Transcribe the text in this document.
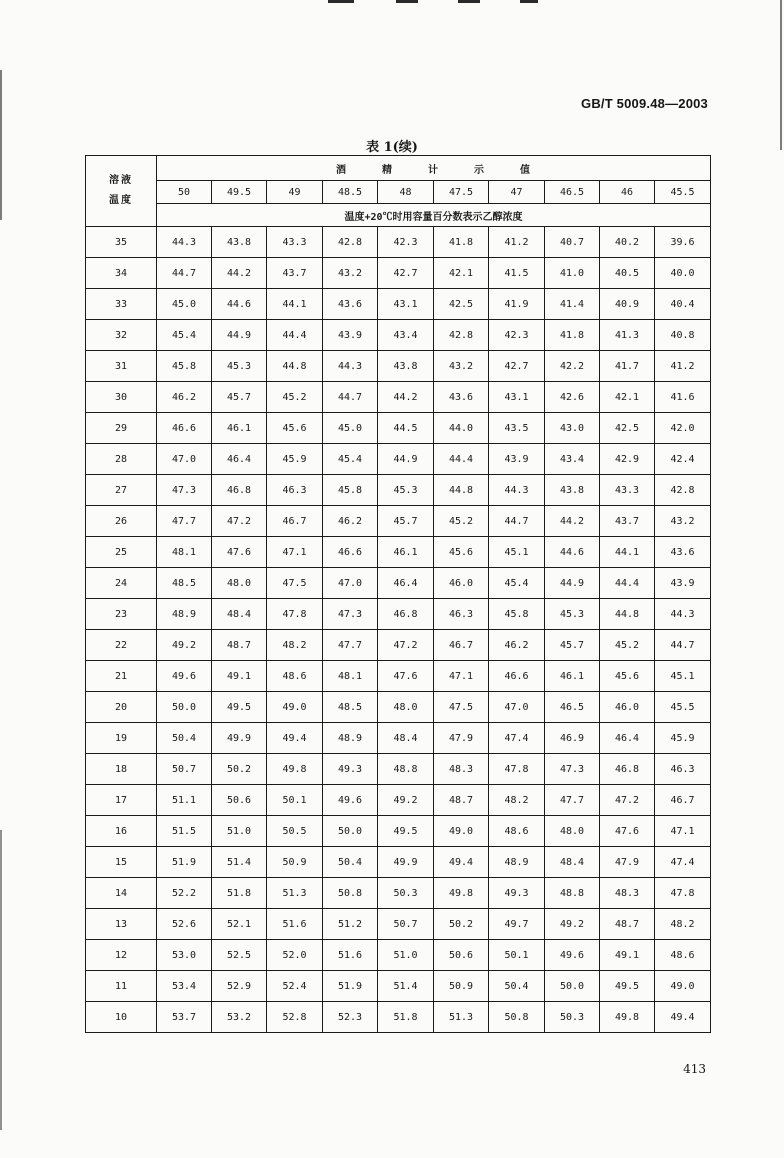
GB/T 5009.48—2003
表 1(续)
溶液
温度	酒 精 计 示 值									
	50	49.5	49	48.5	48	47.5	47	46.5	46	45.5
	温度+20℃时用容量百分数表示乙醇浓度									
35	44.3	43.8	43.3	42.8	42.3	41.8	41.2	40.7	40.2	39.6
34	44.7	44.2	43.7	43.2	42.7	42.1	41.5	41.0	40.5	40.0
33	45.0	44.6	44.1	43.6	43.1	42.5	41.9	41.4	40.9	40.4
32	45.4	44.9	44.4	43.9	43.4	42.8	42.3	41.8	41.3	40.8
31	45.8	45.3	44.8	44.3	43.8	43.2	42.7	42.2	41.7	41.2
30	46.2	45.7	45.2	44.7	44.2	43.6	43.1	42.6	42.1	41.6
29	46.6	46.1	45.6	45.0	44.5	44.0	43.5	43.0	42.5	42.0
28	47.0	46.4	45.9	45.4	44.9	44.4	43.9	43.4	42.9	42.4
27	47.3	46.8	46.3	45.8	45.3	44.8	44.3	43.8	43.3	42.8
26	47.7	47.2	46.7	46.2	45.7	45.2	44.7	44.2	43.7	43.2
25	48.1	47.6	47.1	46.6	46.1	45.6	45.1	44.6	44.1	43.6
24	48.5	48.0	47.5	47.0	46.4	46.0	45.4	44.9	44.4	43.9
23	48.9	48.4	47.8	47.3	46.8	46.3	45.8	45.3	44.8	44.3
22	49.2	48.7	48.2	47.7	47.2	46.7	46.2	45.7	45.2	44.7
21	49.6	49.1	48.6	48.1	47.6	47.1	46.6	46.1	45.6	45.1
20	50.0	49.5	49.0	48.5	48.0	47.5	47.0	46.5	46.0	45.5
19	50.4	49.9	49.4	48.9	48.4	47.9	47.4	46.9	46.4	45.9
18	50.7	50.2	49.8	49.3	48.8	48.3	47.8	47.3	46.8	46.3
17	51.1	50.6	50.1	49.6	49.2	48.7	48.2	47.7	47.2	46.7
16	51.5	51.0	50.5	50.0	49.5	49.0	48.6	48.0	47.6	47.1
15	51.9	51.4	50.9	50.4	49.9	49.4	48.9	48.4	47.9	47.4
14	52.2	51.8	51.3	50.8	50.3	49.8	49.3	48.8	48.3	47.8
13	52.6	52.1	51.6	51.2	50.7	50.2	49.7	49.2	48.7	48.2
12	53.0	52.5	52.0	51.6	51.0	50.6	50.1	49.6	49.1	48.6
11	53.4	52.9	52.4	51.9	51.4	50.9	50.4	50.0	49.5	49.0
10	53.7	53.2	52.8	52.3	51.8	51.3	50.8	50.3	49.8	49.4
413
